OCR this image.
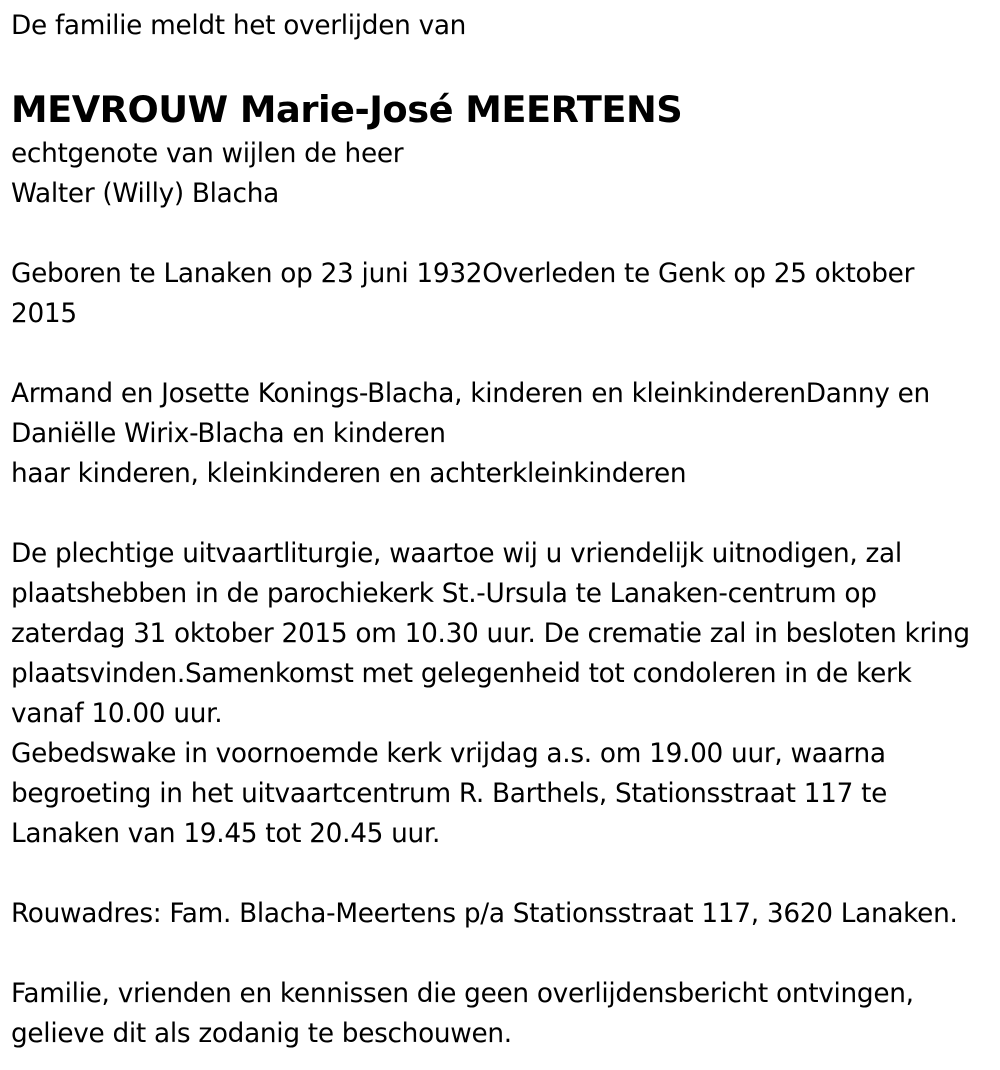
De familie meldt het overlijden van
MEVROUW Marie-José MEERTENS
echtgenote van wijlen de heer
Walter (Willy) Blacha
Geboren te Lanaken op 23 juni 1932Overleden te Genk op 25 oktober
2015
Armand en Josette Konings-Blacha, kinderen en kleinkinderenDanny en
Daniëlle Wirix-Blacha en kinderen
haar kinderen, kleinkinderen en achterkleinkinderen
De plechtige uitvaartliturgie, waartoe wij u vriendelijk uitnodigen, zal
plaatshebben in de parochiekerk St.-Ursula te Lanaken-centrum op
zaterdag 31 oktober 2015 om 10.30 uur. De crematie zal in besloten kring
plaatsvinden.Samenkomst met gelegenheid tot condoleren in de kerk
vanaf 10.00 uur.
Gebedswake in voornoemde kerk vrijdag a.s. om 19.00 uur, waarna
begroeting in het uitvaartcentrum R. Barthels, Stationsstraat 117 te
Lanaken van 19.45 tot 20.45 uur.
Rouwadres: Fam. Blacha-Meertens p/a Stationsstraat 117, 3620 Lanaken.
Familie, vrienden en kennissen die geen overlijdensbericht ontvingen,
gelieve dit als zodanig te beschouwen.
